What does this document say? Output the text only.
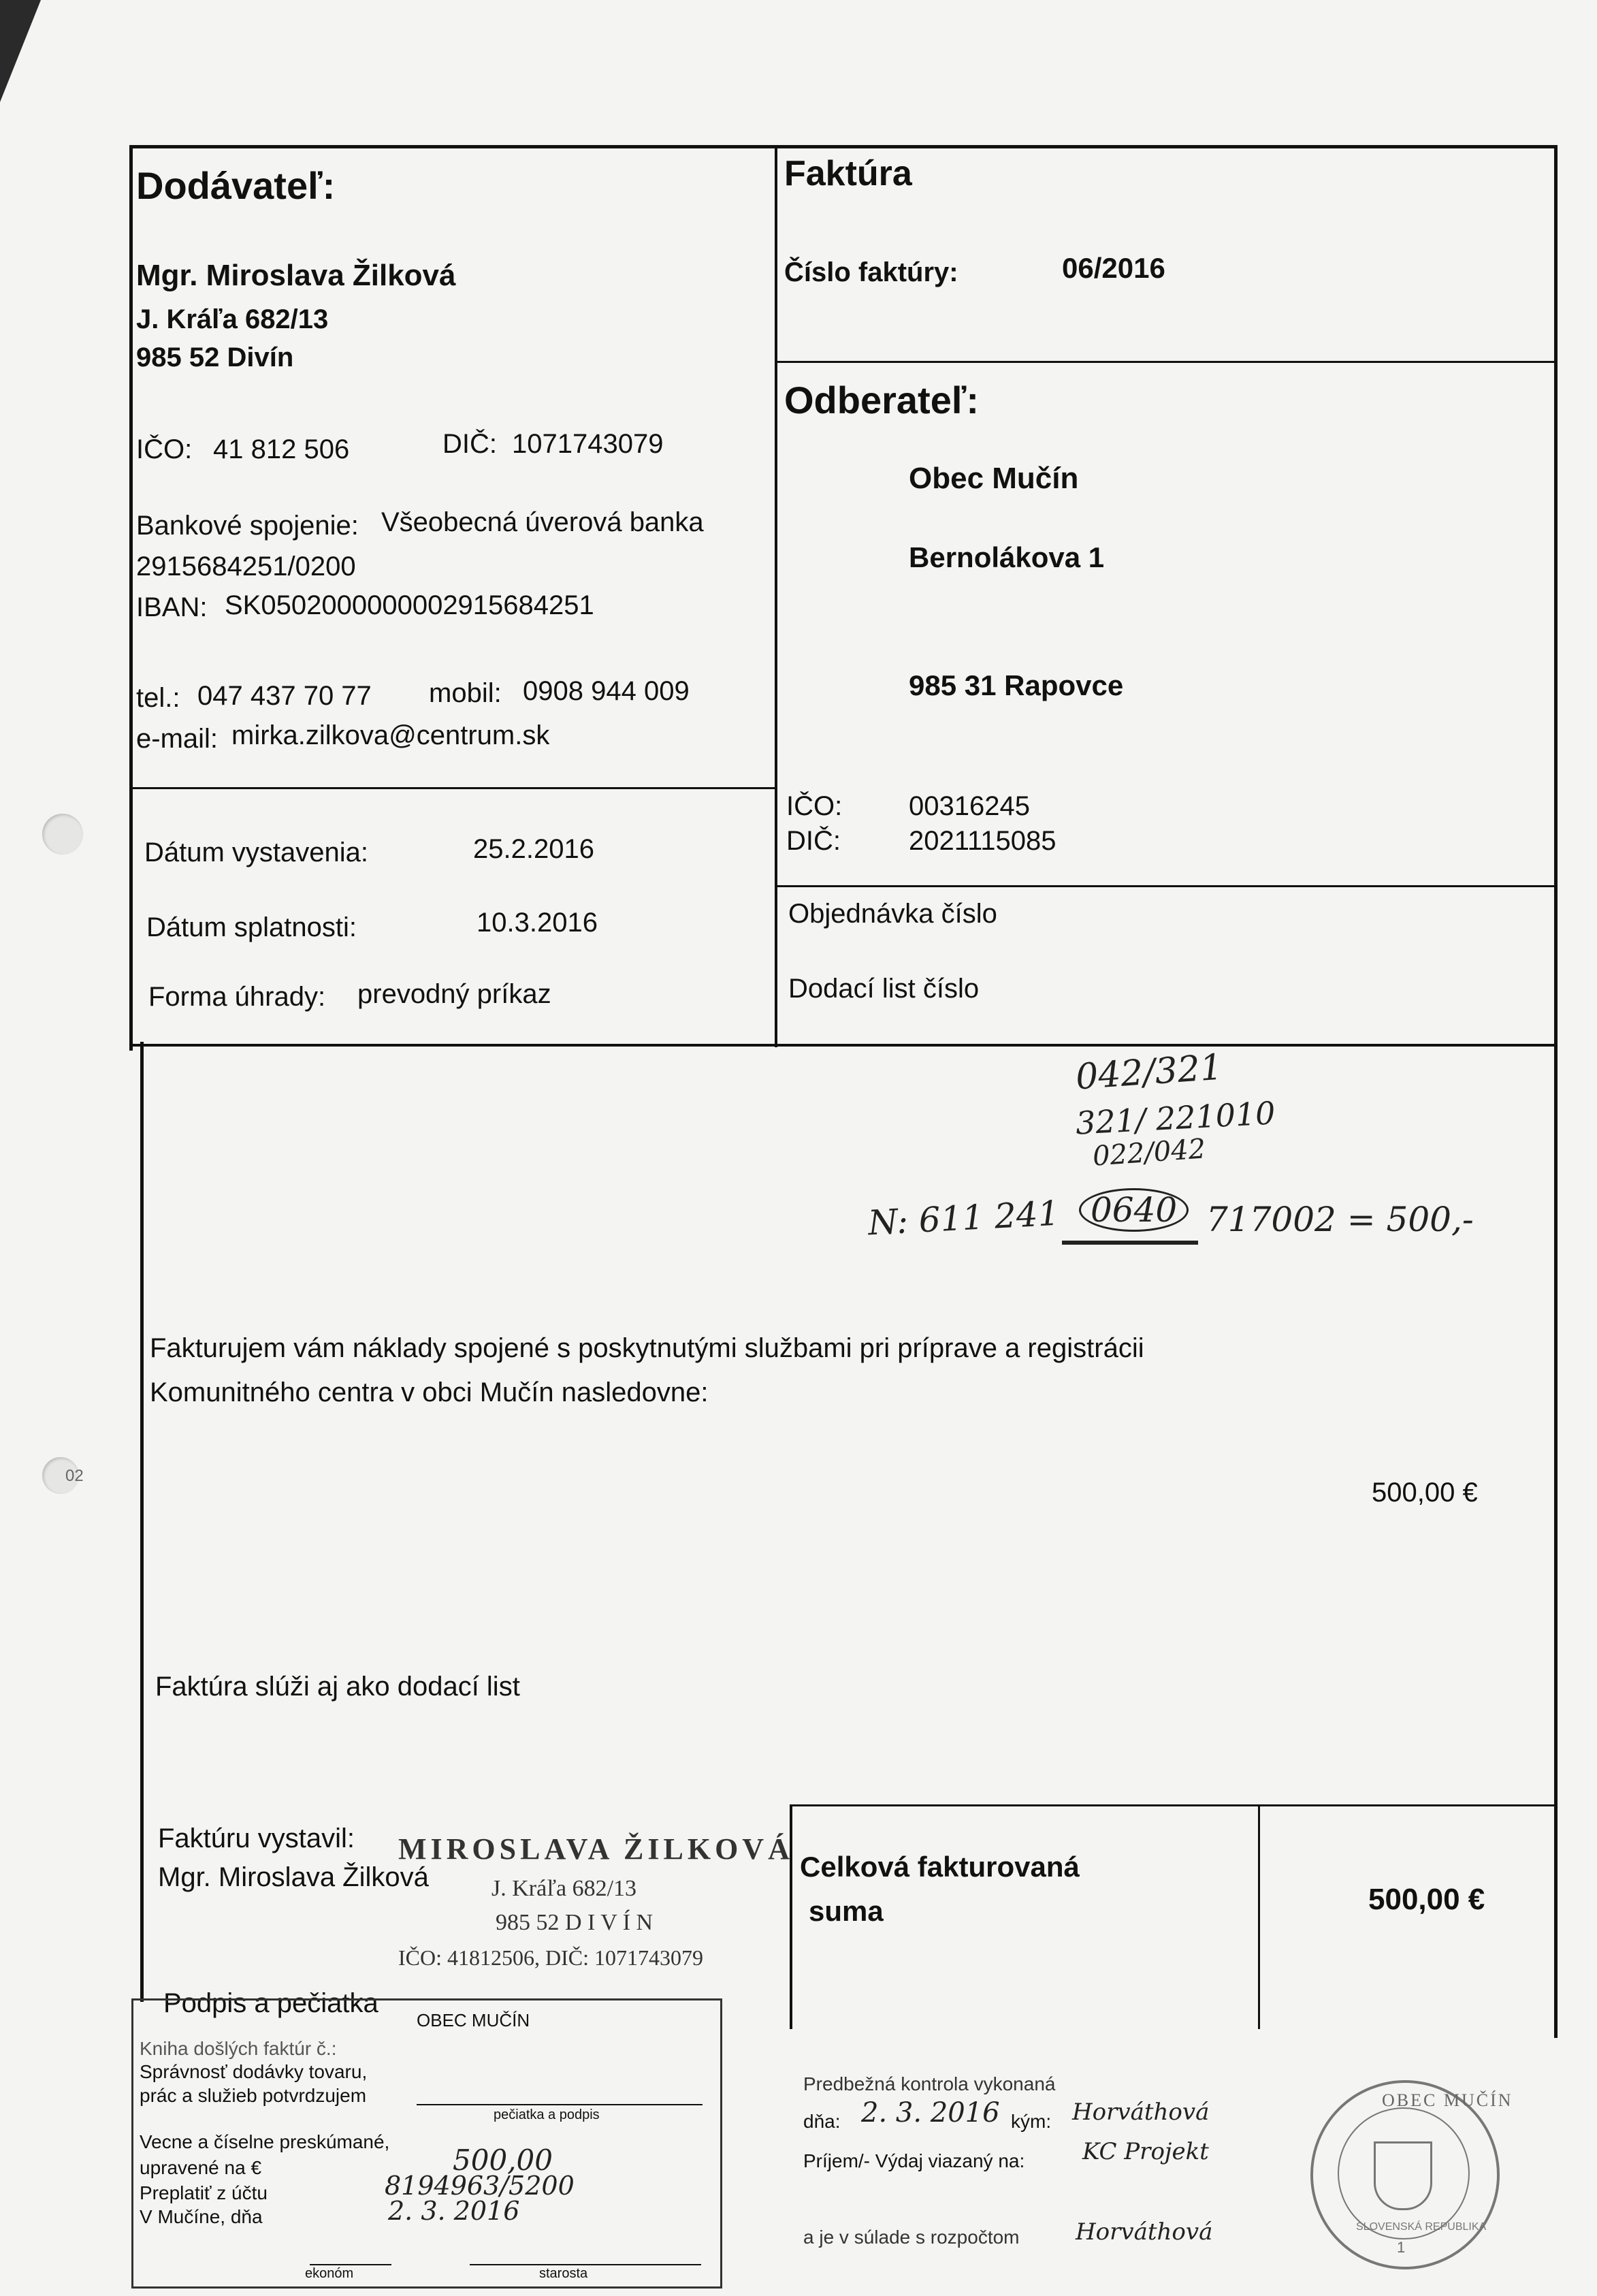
02
Dodávateľ:
Mgr. Miroslava Žilková
J. Kráľa 682/13
985 52 Divín
IČO: 41 812 506	DIČ: 1071743079
Bankové spojenie: Všeobecná úverová banka
2915684251/0200
IBAN: SK0502000000002915684251
tel.: 047 437 70 77 mobil: 0908 944 009
e-mail: mirka.zilkova@centrum.sk
Faktúra
Číslo faktúry:	06/2016
Odberateľ:
Obec Mučín
Bernolákova 1
985 31 Rapovce
IČO: 00316245
DIČ:	2021115085
Objednávka číslo
Dodací list číslo
Dátum vystavenia:	25.2.2016
Dátum splatnosti:	10.3.2016
Forma úhrady: prevodný príkaz
042/321
321/ 221010
022/042
N: 611 241 0640 717002 = 500,-
Fakturujem vám náklady spojené s poskytnutými službami pri príprave a registrácii
Komunitného centra v obci Mučín nasledovne:
500,00 €
Faktúra slúži aj ako dodací list
Faktúru vystavil:
Mgr. Miroslava Žilková	Celková fakturovaná
suma	500,00 €
Podpis a pečiatka
MIROSLAVA ŽILKOVÁ
J. Kráľa 682/13
985 52 D I V Í N
IČO: 41812506, DIČ: 1071743079
OBEC MUČÍN
Kniha došlých faktúr č.:
Správnosť dodávky tovaru,
prác a služieb potvrdzujem
pečiatka a podpis
Vecne a číselne preskúmané,
upravené na €	500,00
Preplatiť z účtu	8194963/5200
V Mučíne, dňa	2. 3. 2016
ekonóm	starosta
Predbežná kontrola vykonaná
dňa: 2. 3. 2016 kým: Horváthová
Príjem/- Výdaj viazaný na: KC Projekt
a je v súlade s rozpočtom Horváthová
OBEC MUČÍN
SLOVENSKÁ REPUBLIKA
1
